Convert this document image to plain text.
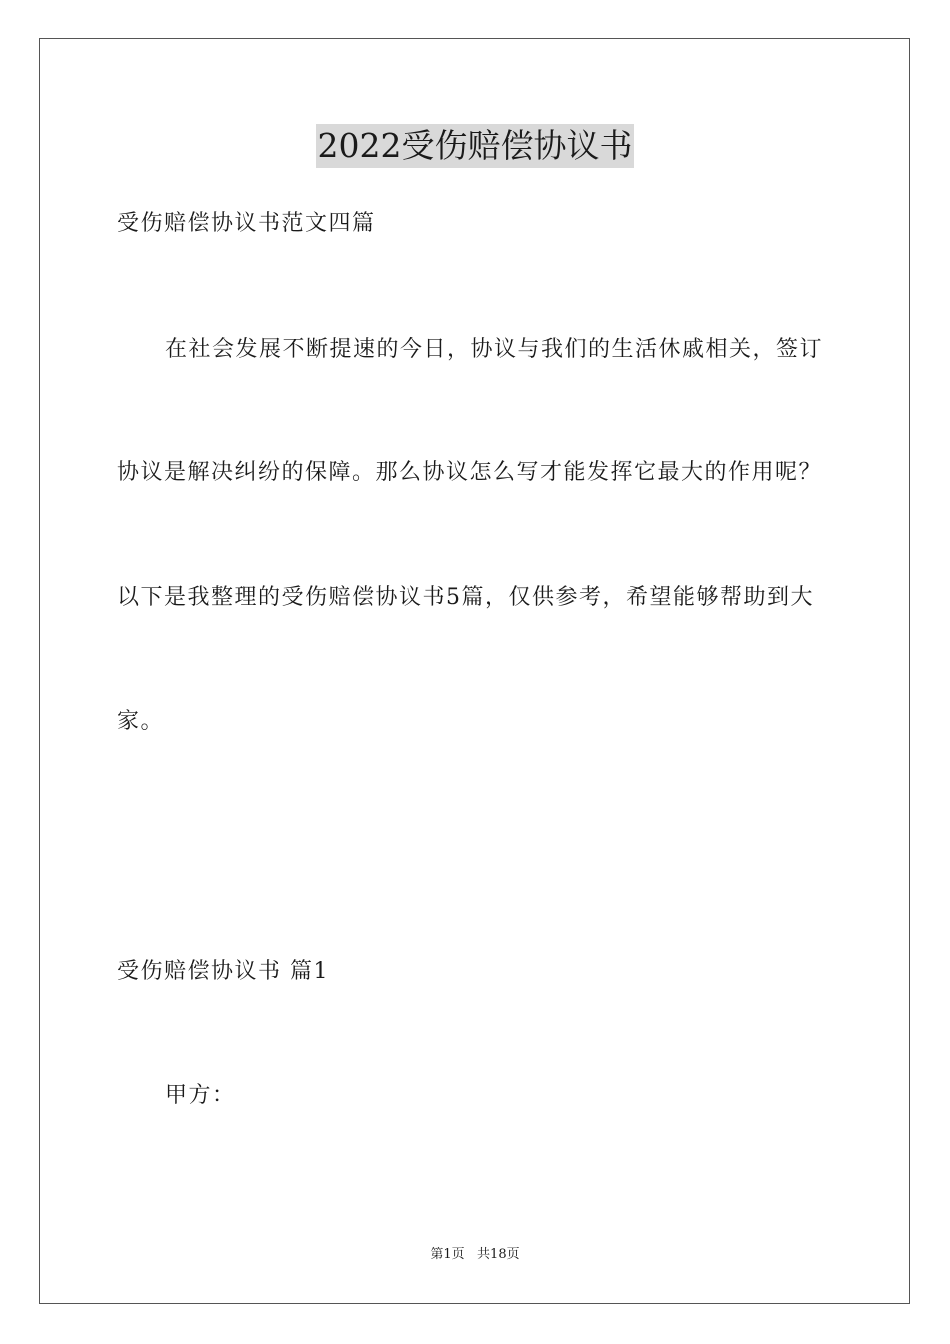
2022受伤赔偿协议书
受伤赔偿协议书范文四篇
在社会发展不断提速的今日，协议与我们的生活休戚相关，签订
协议是解决纠纷的保障。那么协议怎么写才能发挥它最大的作用呢？
以下是我整理的受伤赔偿协议书5篇，仅供参考，希望能够帮助到大
家。
受伤赔偿协议书 篇1
甲方：
第1页   共18页
